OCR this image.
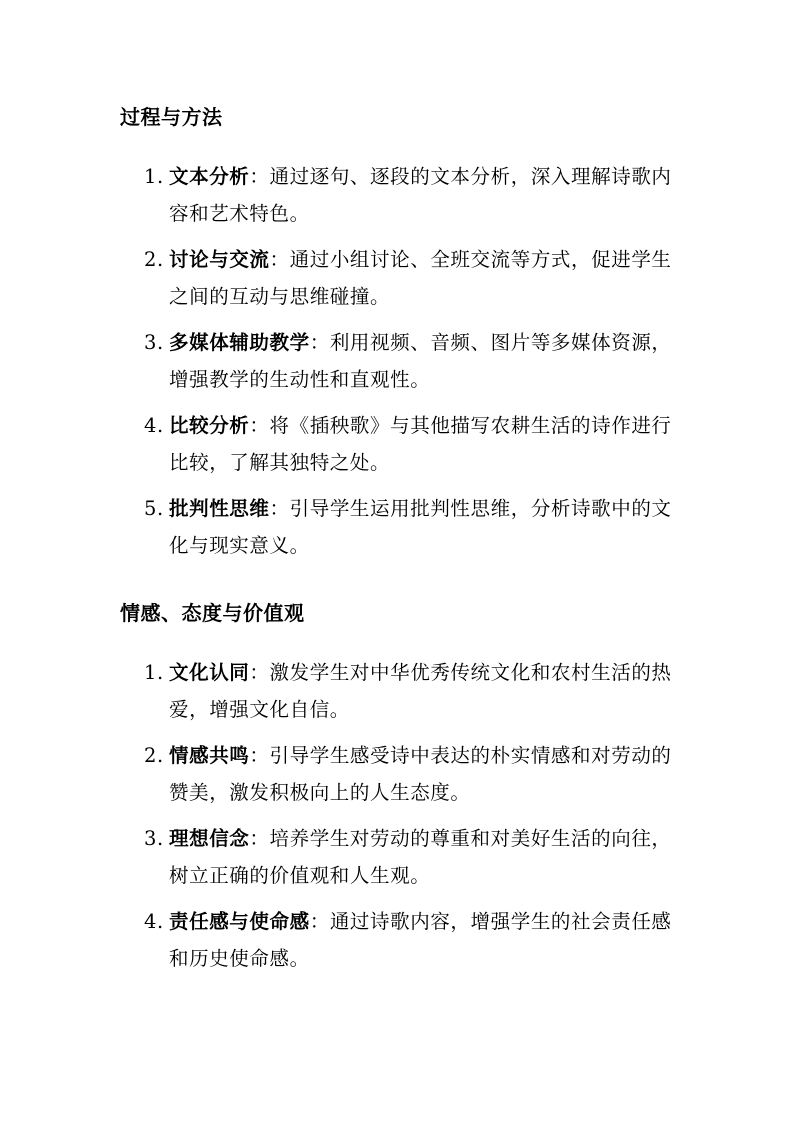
过程与方法
1. 文本分析：通过逐句、逐段的文本分析，深入理解诗歌内容和艺术特色。
2. 讨论与交流：通过小组讨论、全班交流等方式，促进学生之间的互动与思维碰撞。
3. 多媒体辅助教学：利用视频、音频、图片等多媒体资源，增强教学的生动性和直观性。
4. 比较分析：将《插秧歌》与其他描写农耕生活的诗作进行比较，了解其独特之处。
5. 批判性思维：引导学生运用批判性思维，分析诗歌中的文化与现实意义。
情感、态度与价值观
1. 文化认同：激发学生对中华优秀传统文化和农村生活的热爱，增强文化自信。
2. 情感共鸣：引导学生感受诗中表达的朴实情感和对劳动的赞美，激发积极向上的人生态度。
3. 理想信念：培养学生对劳动的尊重和对美好生活的向往，树立正确的价值观和人生观。
4. 责任感与使命感：通过诗歌内容，增强学生的社会责任感和历史使命感。
